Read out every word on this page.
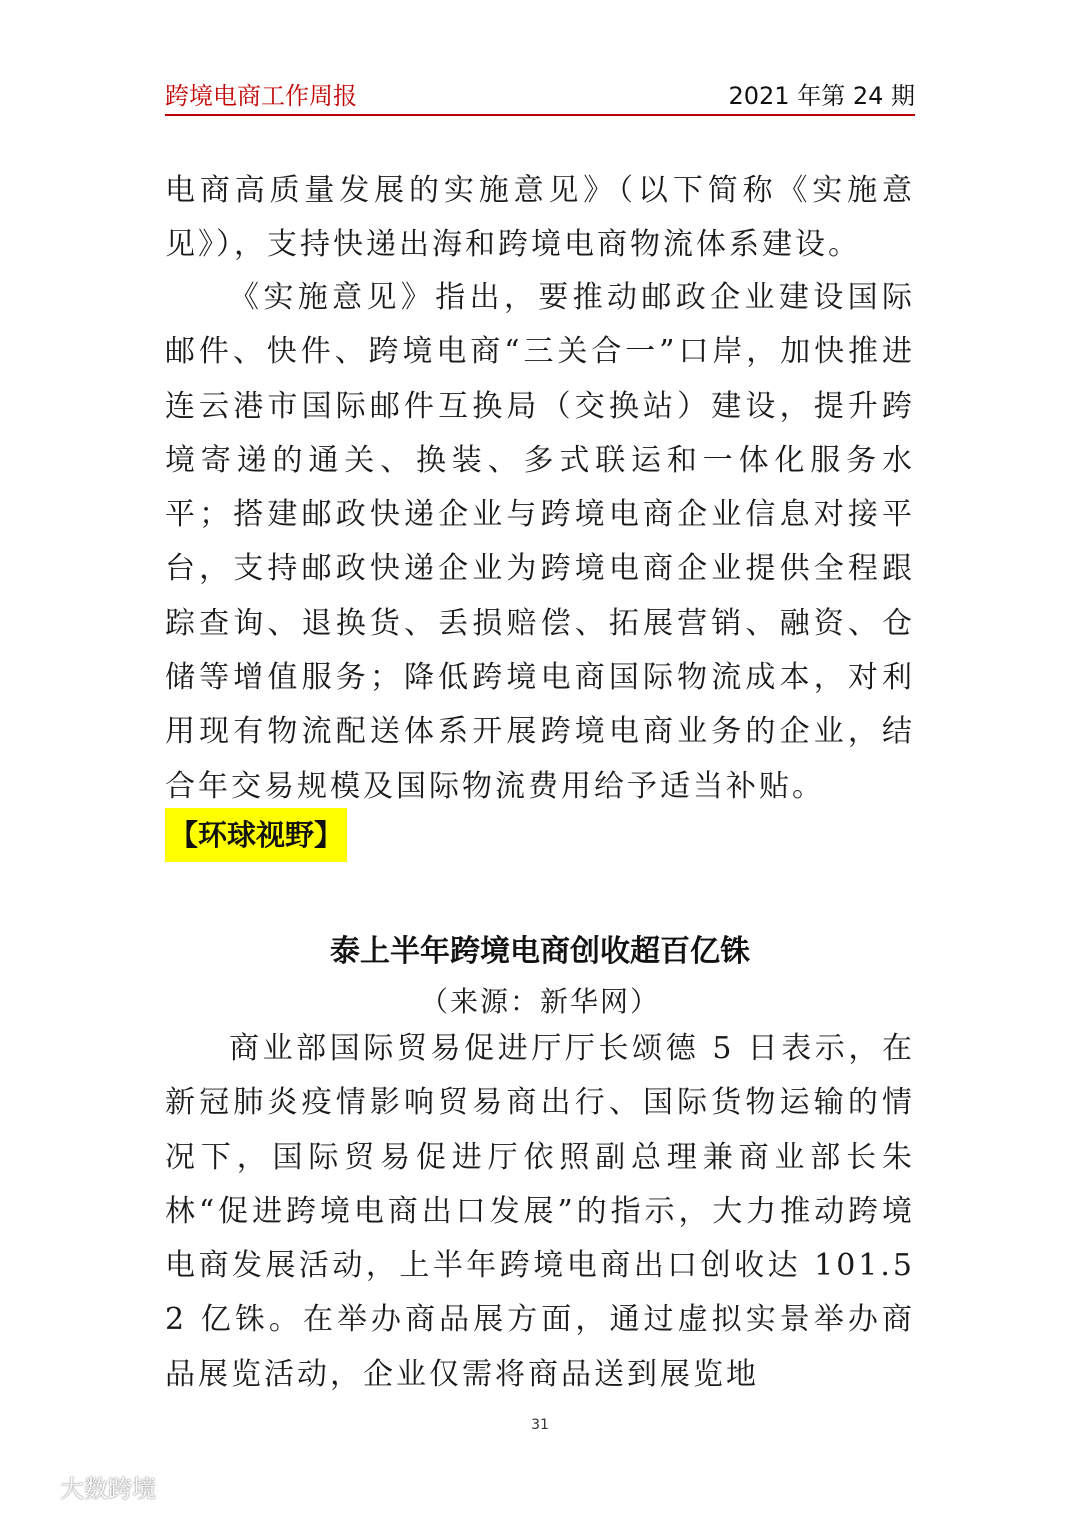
跨境电商工作周报	2021 年第 24 期

电商高质量发展的实施意见》（以下简称《实施意见》），支持快递出海和跨境电商物流体系建设。

《实施意见》指出，要推动邮政企业建设国际邮件、快件、跨境电商“三关合一”口岸，加快推进连云港市国际邮件互换局（交换站）建设，提升跨境寄递的通关、换装、多式联运和一体化服务水平；搭建邮政快递企业与跨境电商企业信息对接平台，支持邮政快递企业为跨境电商企业提供全程跟踪查询、退换货、丢损赔偿、拓展营销、融资、仓储等增值服务；降低跨境电商国际物流成本，对利用现有物流配送体系开展跨境电商业务的企业，结合年交易规模及国际物流费用给予适当补贴。

【环球视野】
泰上半年跨境电商创收超百亿铢
（来源：新华网）

商业部国际贸易促进厅厅长颂德 5 日表示，在新冠肺炎疫情影响贸易商出行、国际货物运输的情况下，国际贸易促进厅依照副总理兼商业部长朱林“促进跨境电商出口发展”的指示，大力推动跨境电商发展活动，上半年跨境电商出口创收达 101.52 亿铢。在举办商品展方面，通过虚拟实景举办商品展览活动，企业仅需将商品送到展览地

31
大数跨境
